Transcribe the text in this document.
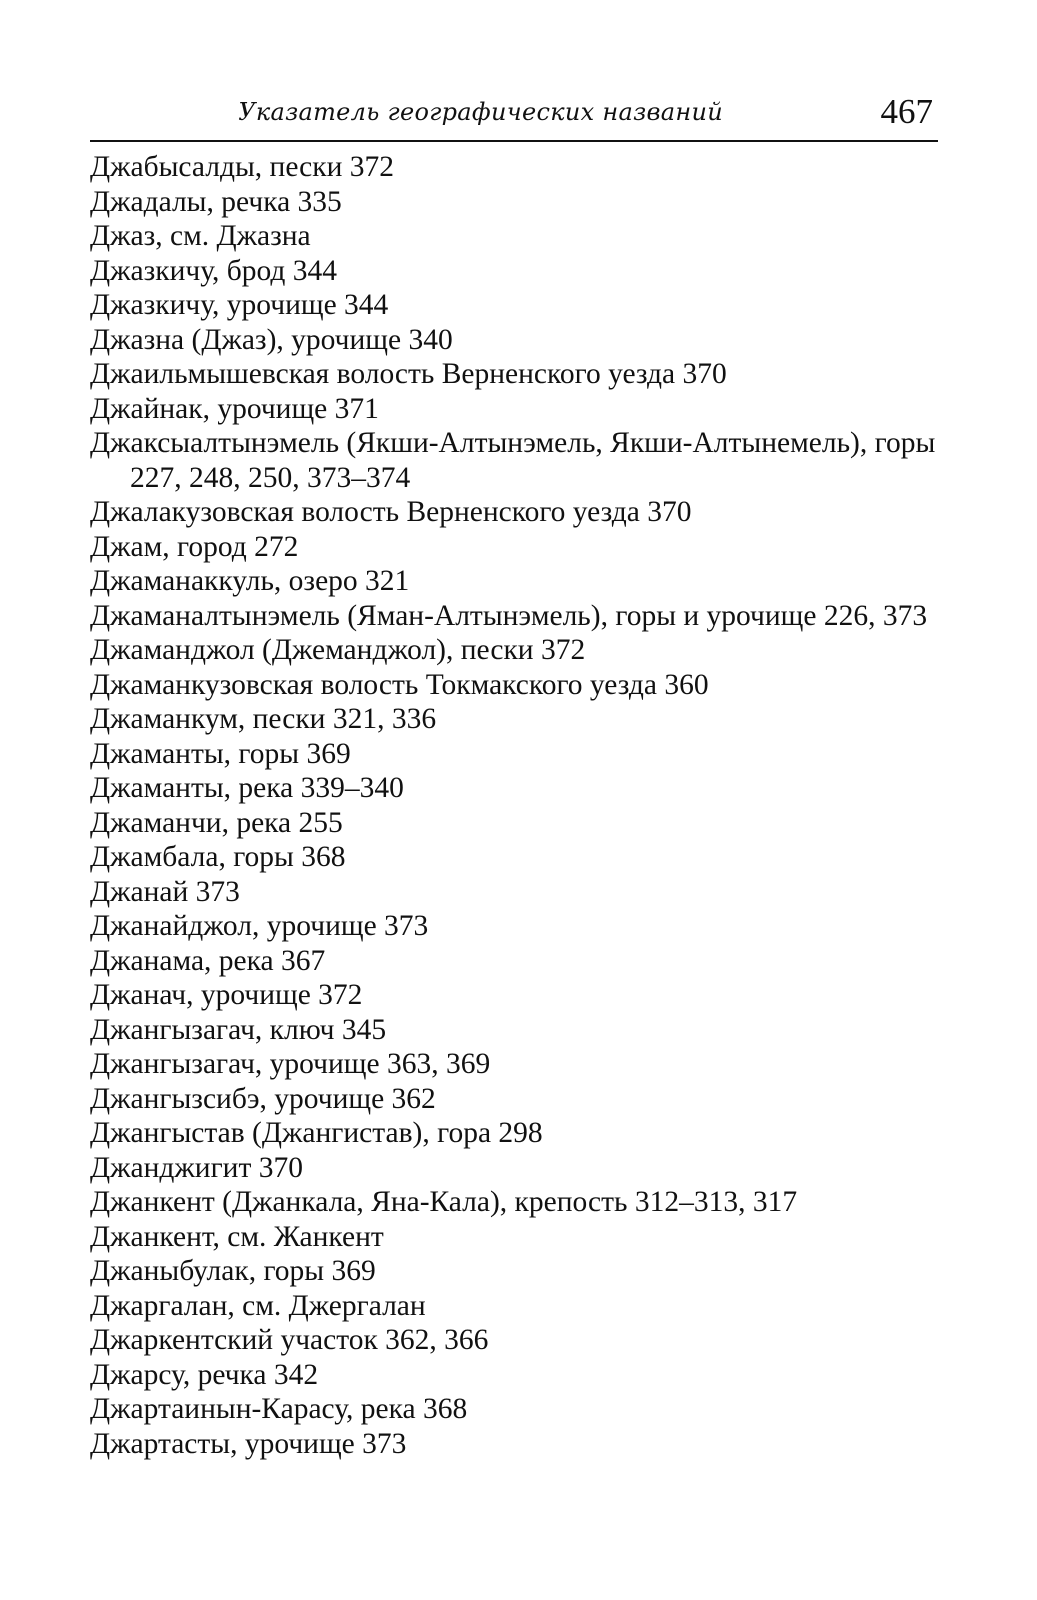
Указатель географических названий	467
Джабысалды, пески 372
Джадалы, речка 335
Джаз, см. Джазна
Джазкичу, брод 344
Джазкичу, урочище 344
Джазна (Джаз), урочище 340
Джаильмышевская волость Верненского уезда 370
Джайнак, урочище 371
Джаксыалтынэмель (Якши-Алтынэмель, Якши-Алтынемель), горы 227, 248, 250, 373–374
Джалакузовская волость Верненского уезда 370
Джам, город 272
Джаманаккуль, озеро 321
Джаманалтынэмель (Яман-Алтынэмель), горы и урочище 226, 373
Джаманджол (Джеманджол), пески 372
Джаманкузовская волость Токмакского уезда 360
Джаманкум, пески 321, 336
Джаманты, горы 369
Джаманты, река 339–340
Джаманчи, река 255
Джамбала, горы 368
Джанай 373
Джанайджол, урочище 373
Джанама, река 367
Джанач, урочище 372
Джангызагач, ключ 345
Джангызагач, урочище 363, 369
Джангызсибэ, урочище 362
Джангыстав (Джангистав), гора 298
Джанджигит 370
Джанкент (Джанкала, Яна-Кала), крепость 312–313, 317
Джанкент, см. Жанкент
Джаныбулак, горы 369
Джаргалан, см. Джергалан
Джаркентский участок 362, 366
Джарсу, речка 342
Джартаинын-Карасу, река 368
Джартасты, урочище 373
